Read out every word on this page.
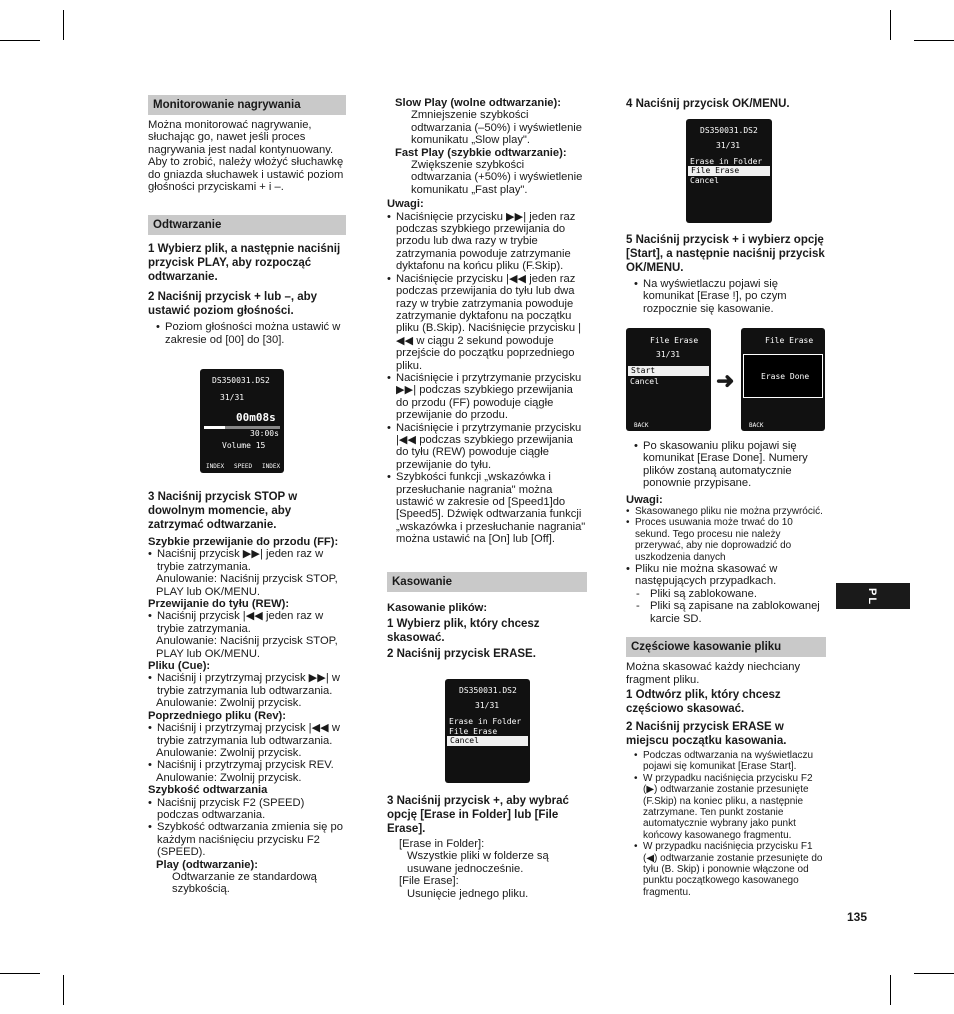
Monitorowanie nagrywania
Można monitorować nagrywanie, słuchając go, nawet jeśli proces nagrywania jest nadal kontynuowany. Aby to zrobić, należy włożyć słuchawkę do gniazda słuchawek i ustawić poziom głośności przyciskami + i –.
Odtwarzanie
1 Wybierz plik, a następnie naciśnij przycisk PLAY, aby rozpocząć odtwarzanie.
2 Naciśnij przycisk + lub –, aby ustawić poziom głośności.
• Poziom głośności można ustawić w zakresie od [00] do [30].
DS350031.DS2
31/31
00m08s
30:00s
Volume 15
INDEX SPEED INDEX
3 Naciśnij przycisk STOP w dowolnym momencie, aby zatrzymać odtwarzanie.
Szybkie przewijanie do przodu (FF):
• Naciśnij przycisk ▶▶| jeden raz w trybie zatrzymania.
Anulowanie: Naciśnij przycisk STOP, PLAY lub OK/MENU.
Przewijanie do tyłu (REW):
• Naciśnij przycisk |◀◀ jeden raz w trybie zatrzymania.
Anulowanie: Naciśnij przycisk STOP, PLAY lub OK/MENU.
Pliku (Cue):
• Naciśnij i przytrzymaj przycisk ▶▶| w trybie zatrzymania lub odtwarzania.
Anulowanie: Zwolnij przycisk.
Poprzedniego pliku (Rev):
• Naciśnij i przytrzymaj przycisk |◀◀ w trybie zatrzymania lub odtwarzania.
Anulowanie: Zwolnij przycisk.
• Naciśnij i przytrzymaj przycisk REV.
Anulowanie: Zwolnij przycisk.
Szybkość odtwarzania
• Naciśnij przycisk F2 (SPEED) podczas odtwarzania.
• Szybkość odtwarzania zmienia się po każdym naciśnięciu przycisku F2 (SPEED).
Play (odtwarzanie):
Odtwarzanie ze standardową szybkością.
Slow Play (wolne odtwarzanie):
Zmniejszenie szybkości odtwarzania (–50%) i wyświetlenie komunikatu „Slow play".
Fast Play (szybkie odtwarzanie):
Zwiększenie szybkości odtwarzania (+50%) i wyświetlenie komunikatu „Fast play".
Uwagi:
• Naciśnięcie przycisku ▶▶| jeden raz podczas szybkiego przewijania do przodu lub dwa razy w trybie zatrzymania powoduje zatrzymanie dyktafonu na końcu pliku (F.Skip).
• Naciśnięcie przycisku |◀◀ jeden raz podczas przewijania do tyłu lub dwa razy w trybie zatrzymania powoduje zatrzymanie dyktafonu na początku pliku (B.Skip). Naciśnięcie przycisku |◀◀ w ciągu 2 sekund powoduje przejście do początku poprzedniego pliku.
• Naciśnięcie i przytrzymanie przycisku ▶▶| podczas szybkiego przewijania do przodu (FF) powoduje ciągłe przewijanie do przodu.
• Naciśnięcie i przytrzymanie przycisku |◀◀ podczas szybkiego przewijania do tyłu (REW) powoduje ciągłe przewijanie do tyłu.
• Szybkości funkcji „wskazówka i przesłuchanie nagrania" można ustawić w zakresie od [Speed1]do [Speed5]. Dźwięk odtwarzania funkcji „wskazówka i przesłuchanie nagrania" można ustawić na [On] lub [Off].
Kasowanie
Kasowanie plików:
1 Wybierz plik, który chcesz skasować.
2 Naciśnij przycisk ERASE.
DS350031.DS2
31/31
Erase in Folder
File Erase
Cancel
3 Naciśnij przycisk +, aby wybrać opcję [Erase in Folder] lub [File Erase].
[Erase in Folder]:
Wszystkie pliki w folderze są usuwane jednocześnie.
[File Erase]:
Usunięcie jednego pliku.
4 Naciśnij przycisk OK/MENU.
DS350031.DS2
31/31
Erase in Folder
File Erase
Cancel
5 Naciśnij przycisk + i wybierz opcję [Start], a następnie naciśnij przycisk OK/MENU.
• Na wyświetlaczu pojawi się komunikat [Erase !], po czym rozpocznie się kasowanie.
File Erase
31/31
Start
Cancel
BACK
➜
File Erase
Erase Done
BACK
• Po skasowaniu pliku pojawi się komunikat [Erase Done]. Numery plików zostaną automatycznie ponownie przypisane.
Uwagi:
• Skasowanego pliku nie można przywrócić.
• Proces usuwania może trwać do 10 sekund. Tego procesu nie należy przerywać, aby nie doprowadzić do uszkodzenia danych
• Pliku nie można skasować w następujących przypadkach.
- Pliki są zablokowane.
- Pliki są zapisane na zablokowanej karcie SD.
Częściowe kasowanie pliku
Można skasować każdy niechciany fragment pliku.
1 Odtwórz plik, który chcesz częściowo skasować.
2 Naciśnij przycisk ERASE w miejscu początku kasowania.
• Podczas odtwarzania na wyświetlaczu pojawi się komunikat [Erase Start].
• W przypadku naciśnięcia przycisku F2 (▶) odtwarzanie zostanie przesunięte (F.Skip) na koniec pliku, a następnie zatrzymane. Ten punkt zostanie automatycznie wybrany jako punkt końcowy kasowanego fragmentu.
• W przypadku naciśnięcia przycisku F1 (◀) odtwarzanie zostanie przesunięte do tyłu (B. Skip) i ponownie włączone od punktu początkowego kasowanego fragmentu.
PL
135
